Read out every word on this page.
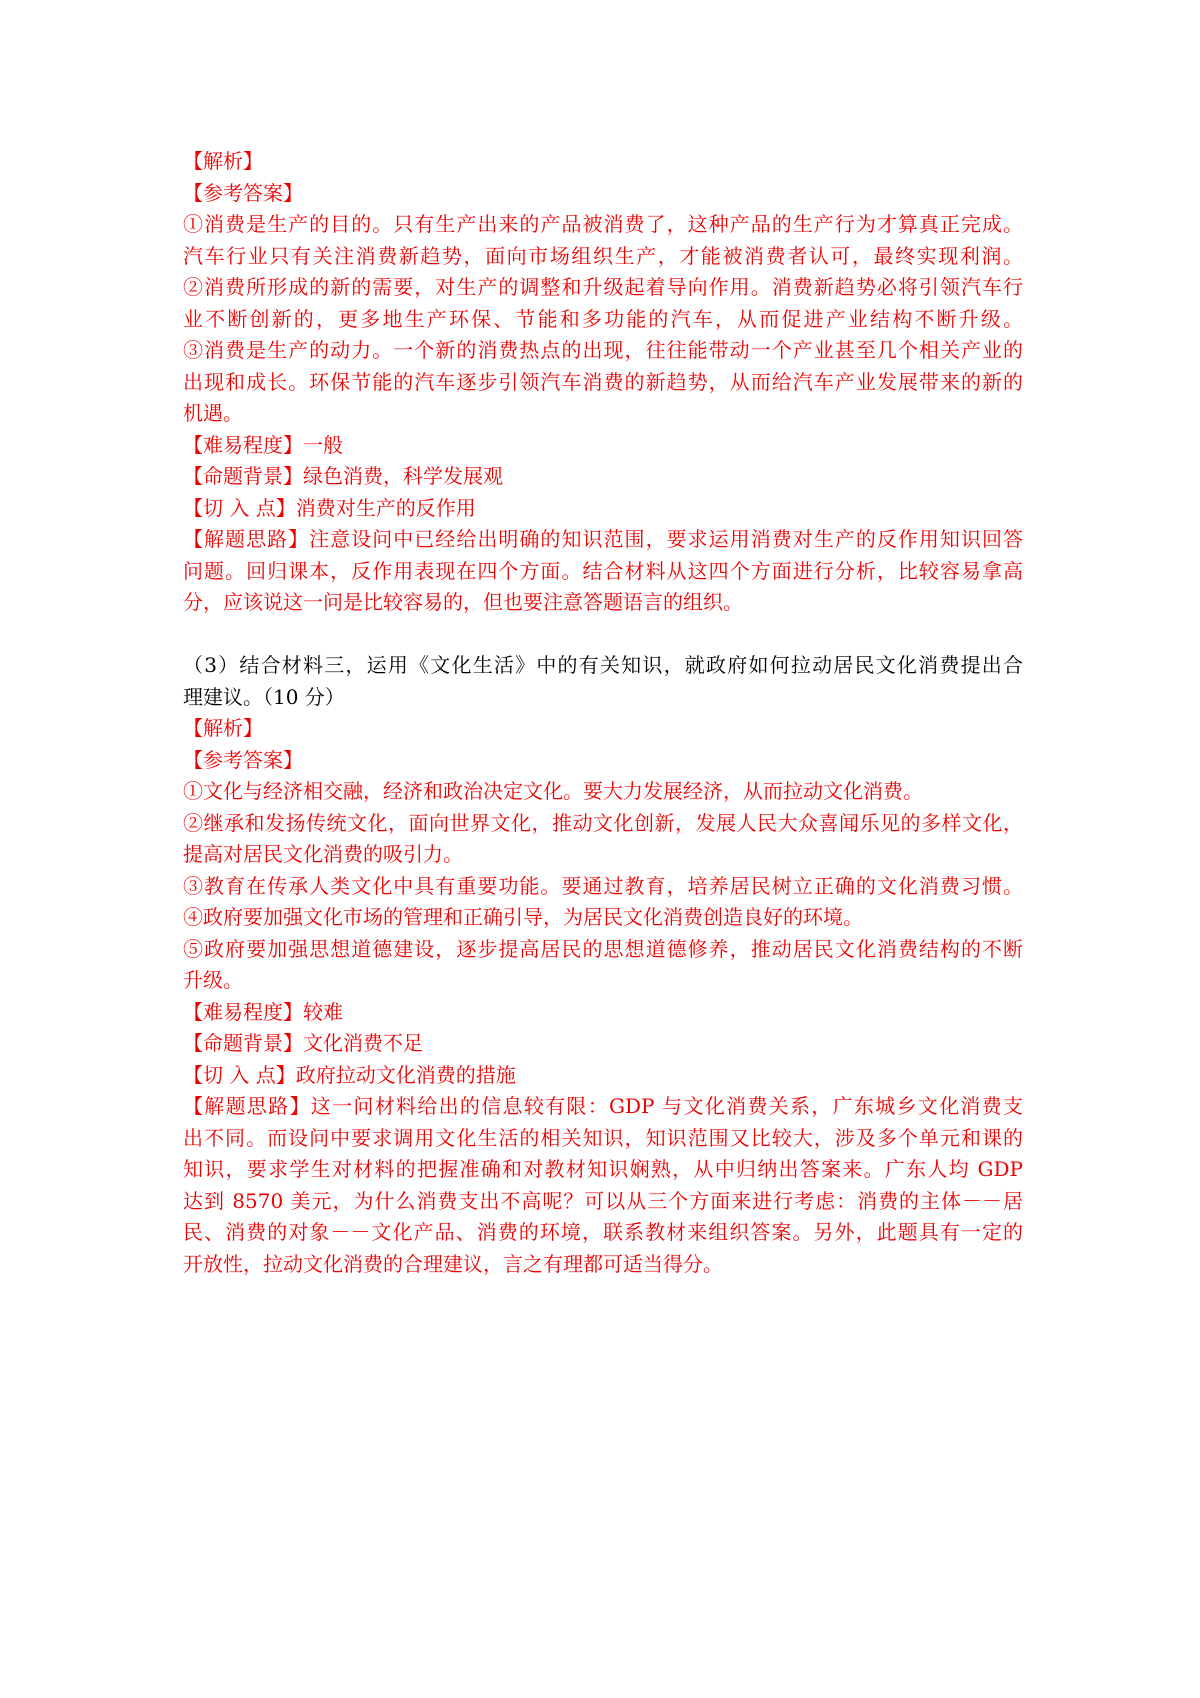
【解析】

【参考答案】

①消费是生产的目的。只有生产出来的产品被消费了，这种产品的生产行为才算真正完成。

汽车行业只有关注消费新趋势，面向市场组织生产，才能被消费者认可，最终实现利润。

②消费所形成的新的需要，对生产的调整和升级起着导向作用。消费新趋势必将引领汽车行

业不断创新的，更多地生产环保、节能和多功能的汽车，从而促进产业结构不断升级。

③消费是生产的动力。一个新的消费热点的出现，往往能带动一个产业甚至几个相关产业的

出现和成长。环保节能的汽车逐步引领汽车消费的新趋势，从而给汽车产业发展带来的新的

机遇。

【难易程度】一般

【命题背景】绿色消费，科学发展观

【切 入 点】消费对生产的反作用

【解题思路】注意设问中已经给出明确的知识范围，要求运用消费对生产的反作用知识回答

问题。回归课本，反作用表现在四个方面。结合材料从这四个方面进行分析，比较容易拿高

分，应该说这一问是比较容易的，但也要注意答题语言的组织。

（3）结合材料三，运用《文化生活》中的有关知识，就政府如何拉动居民文化消费提出合

理建议。（10 分）

【解析】

【参考答案】

①文化与经济相交融，经济和政治决定文化。要大力发展经济，从而拉动文化消费。

②继承和发扬传统文化，面向世界文化，推动文化创新，发展人民大众喜闻乐见的多样文化，

提高对居民文化消费的吸引力。

③教育在传承人类文化中具有重要功能。要通过教育，培养居民树立正确的文化消费习惯。

④政府要加强文化市场的管理和正确引导，为居民文化消费创造良好的环境。

⑤政府要加强思想道德建设，逐步提高居民的思想道德修养，推动居民文化消费结构的不断

升级。

【难易程度】较难

【命题背景】文化消费不足

【切 入 点】政府拉动文化消费的措施

【解题思路】这一问材料给出的信息较有限：GDP 与文化消费关系，广东城乡文化消费支

出不同。而设问中要求调用文化生活的相关知识，知识范围又比较大，涉及多个单元和课的

知识，要求学生对材料的把握准确和对教材知识娴熟，从中归纳出答案来。广东人均 GDP

达到 8570 美元，为什么消费支出不高呢？可以从三个方面来进行考虑：消费的主体－－居

民、消费的对象－－文化产品、消费的环境，联系教材来组织答案。另外，此题具有一定的

开放性，拉动文化消费的合理建议，言之有理都可适当得分。
